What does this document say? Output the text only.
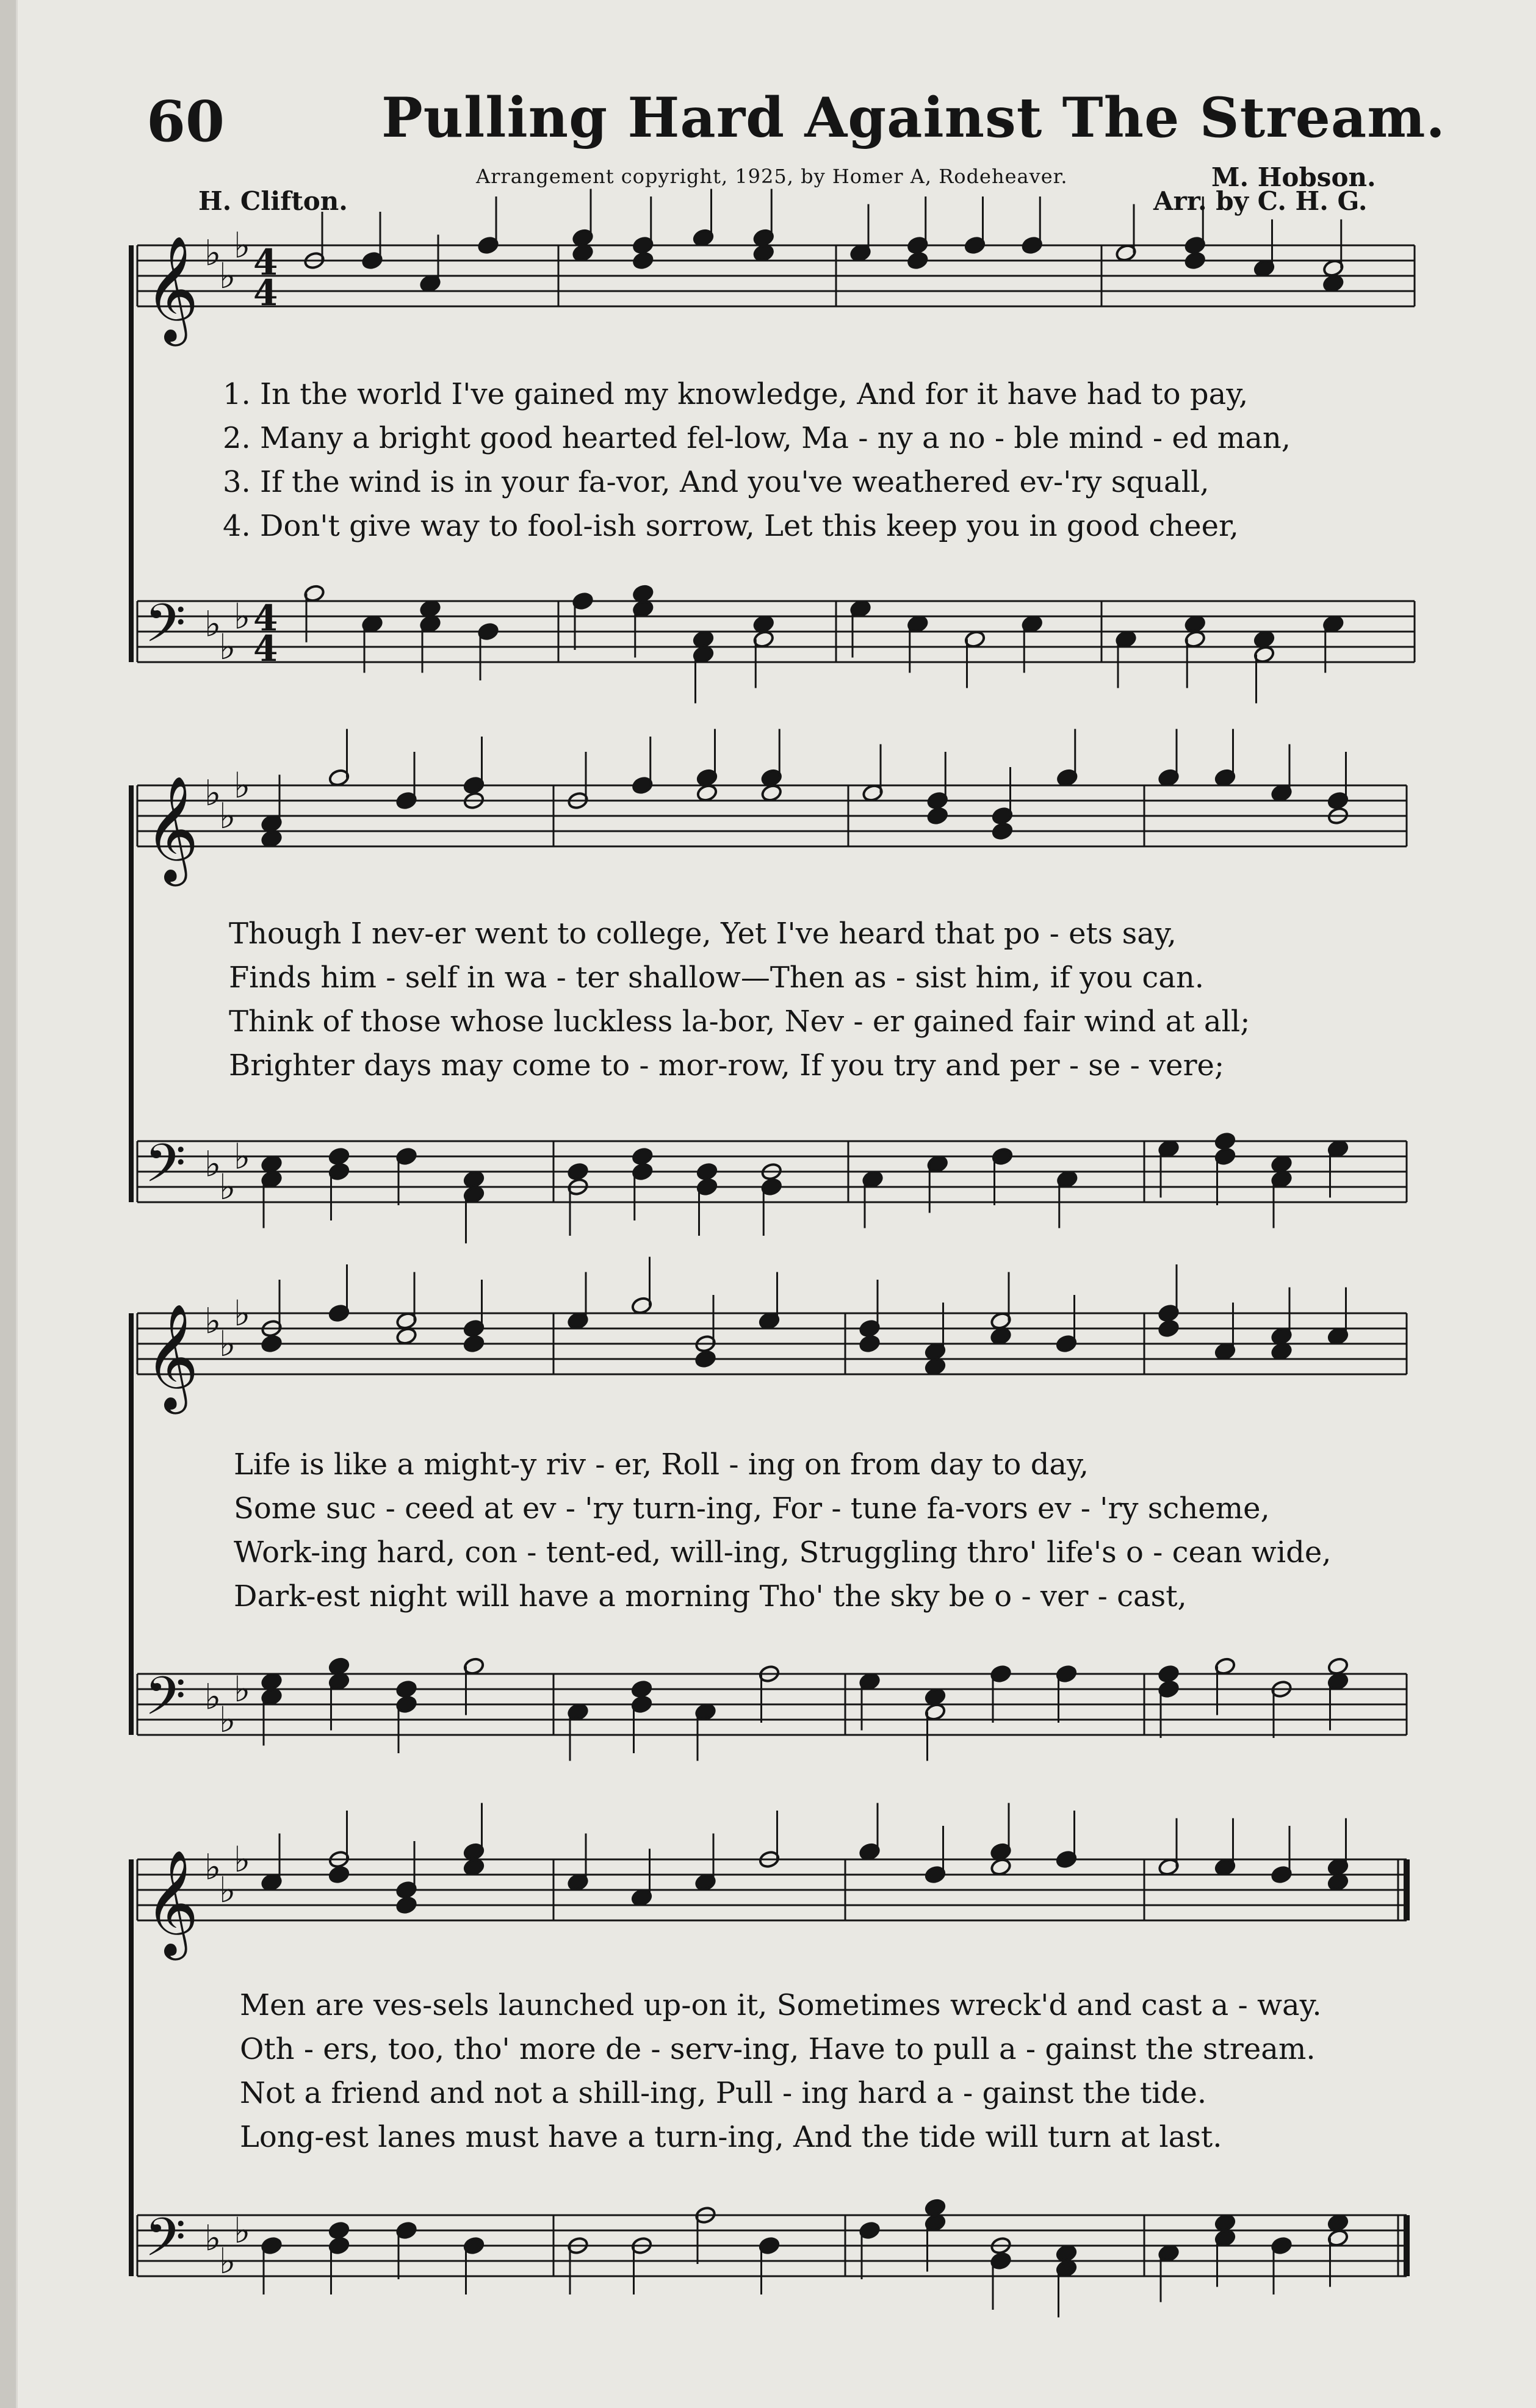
60	Pulling Hard Against The Stream.
Arrangement copyright, 1925, by Homer A, Rodeheaver.
H. Clifton.
M. Hobson.
Arr. by C. H. G.
𝄞 ♭
♭
♭ 4
4
𝄢 ♭
♭
♭ 4
4
𝄞 ♭
♭
♭
𝄢 ♭
♭
♭
𝄞 ♭
♭
♭
𝄢 ♭
♭
♭
𝄞 ♭
♭
♭
𝄢 ♭
♭
♭
1. In the world I've gained my knowledge, And for it have had to pay,
2. Many a bright good hearted fel-low, Ma - ny a no - ble mind - ed man,
3. If the wind is in your fa-vor, And you've weathered ev-'ry squall,
4. Don't give way to fool-ish sorrow, Let this keep you in good cheer,
Though I nev-er went to college, Yet I've heard that po - ets say,
Finds him - self in wa - ter shallow—Then as - sist him, if you can.
Think of those whose luckless la-bor, Nev - er gained fair wind at all;
Brighter days may come to - mor-row, If you try and per - se - vere;
Life is like a might-y riv - er, Roll - ing on from day to day,
Some suc - ceed at ev - 'ry turn-ing, For - tune fa-vors ev - 'ry scheme,
Work-ing hard, con - tent-ed, will-ing, Struggling thro' life's o - cean wide,
Dark-est night will have a morning Tho' the sky be o - ver - cast,
Men are ves-sels launched up-on it, Sometimes wreck'd and cast a - way.
Oth - ers, too, tho' more de - serv-ing, Have to pull a - gainst the stream.
Not a friend and not a shill-ing, Pull - ing hard a - gainst the tide.
Long-est lanes must have a turn-ing, And the tide will turn at last.
